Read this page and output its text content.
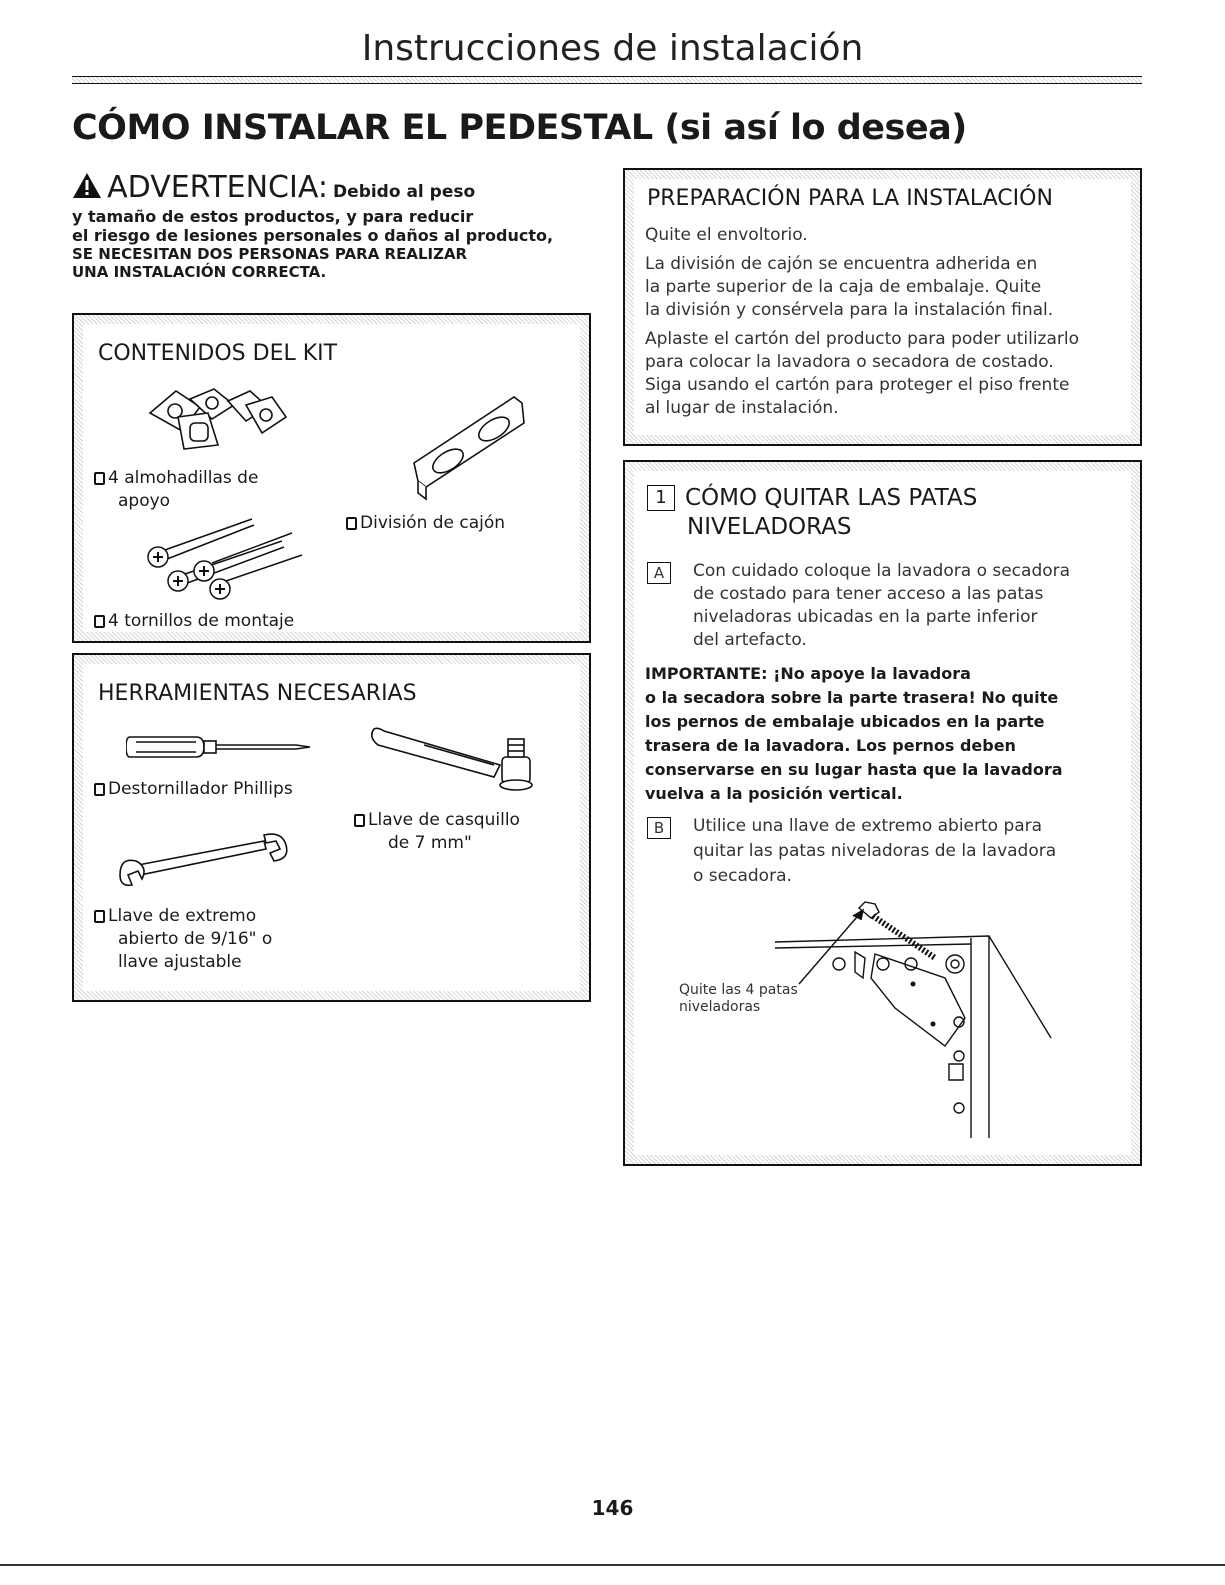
Instrucciones de instalación
CÓMO INSTALAR EL PEDESTAL (si así lo desea)
ADVERTENCIA: Debido al peso
y tamaño de estos productos, y para reducir
el riesgo de lesiones personales o daños al producto,
SE NECESITAN DOS PERSONAS PARA REALIZAR
UNA INSTALACIÓN CORRECTA.
CONTENIDOS DEL KIT
4 almohadillas de
apoyo
División de cajón
4 tornillos de montaje
HERRAMIENTAS NECESARIAS
Destornillador Phillips
Llave de casquillo
de 7 mm"
Llave de extremo
abierto de 9/16" o
llave ajustable
PREPARACIÓN PARA LA INSTALACIÓN
Quite el envoltorio.
La división de cajón se encuentra adherida en
la parte superior de la caja de embalaje. Quite
la división y consérvela para la instalación final.
Aplaste el cartón del producto para poder utilizarlo
para colocar la lavadora o secadora de costado.
Siga usando el cartón para proteger el piso frente
al lugar de instalación.
1 CÓMO QUITAR LAS PATAS
NIVELADORAS
A	Con cuidado coloque la lavadora o secadora
de costado para tener acceso a las patas
niveladoras ubicadas en la parte inferior
del artefacto.
IMPORTANTE: ¡No apoye la lavadora
o la secadora sobre la parte trasera! No quite
los pernos de embalaje ubicados en la parte
trasera de la lavadora. Los pernos deben
conservarse en su lugar hasta que la lavadora
vuelva a la posición vertical.
B	Utilice una llave de extremo abierto para
quitar las patas niveladoras de la lavadora
o secadora.
Quite las 4 patas
niveladoras
146
